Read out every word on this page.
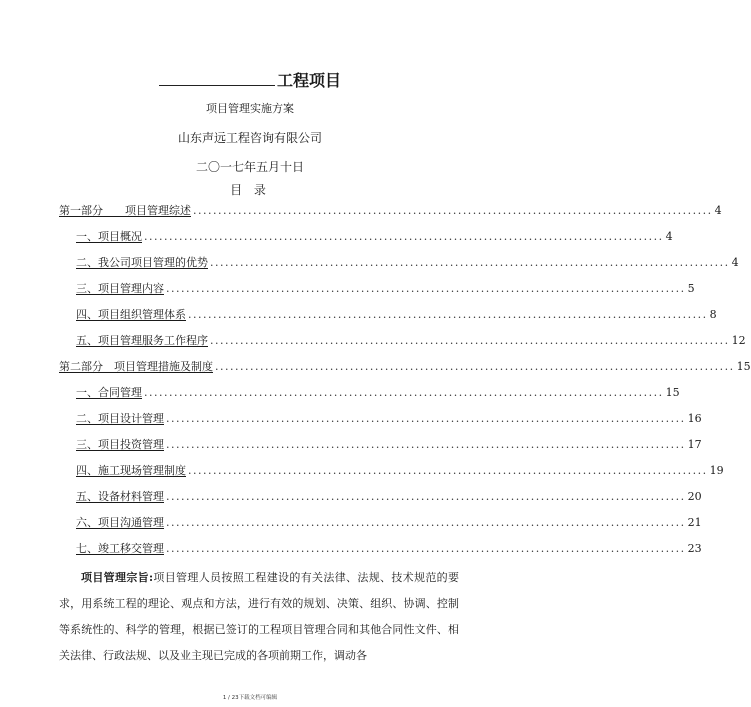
工程项目
项目管理实施方案
山东声远工程咨询有限公司
二〇一七年五月十日
目 录
第一部分　　项目管理综述 ........................................................................................................ 4
一、项目概况 ........................................................................................................ 4
二、我公司项目管理的优势 ........................................................................................................ 4
三、项目管理内容 ........................................................................................................ 5
四、项目组织管理体系 ........................................................................................................ 8
五、项目管理服务工作程序 ........................................................................................................ 12
第二部分　项目管理措施及制度 ........................................................................................................ 15
一、合同管理 ........................................................................................................ 15
二、项目设计管理 ........................................................................................................ 16
三、项目投资管理 ........................................................................................................ 17
四、施工现场管理制度 ........................................................................................................ 19
五、设备材料管理 ........................................................................................................ 20
六、项目沟通管理 ........................................................................................................ 21
七、竣工移交管理 ........................................................................................................ 23
项目管理宗旨:项目管理人员按照工程建设的有关法律、法规、技术规范的要求，用系统工程的理论、观点和方法，进行有效的规划、决策、组织、协调、控制等系统性的、科学的管理，根据已签订的工程项目管理合同和其他合同性文件、相关法律、行政法规、以及业主现已完成的各项前期工作，调动各
1 / 23下载文档可编辑
